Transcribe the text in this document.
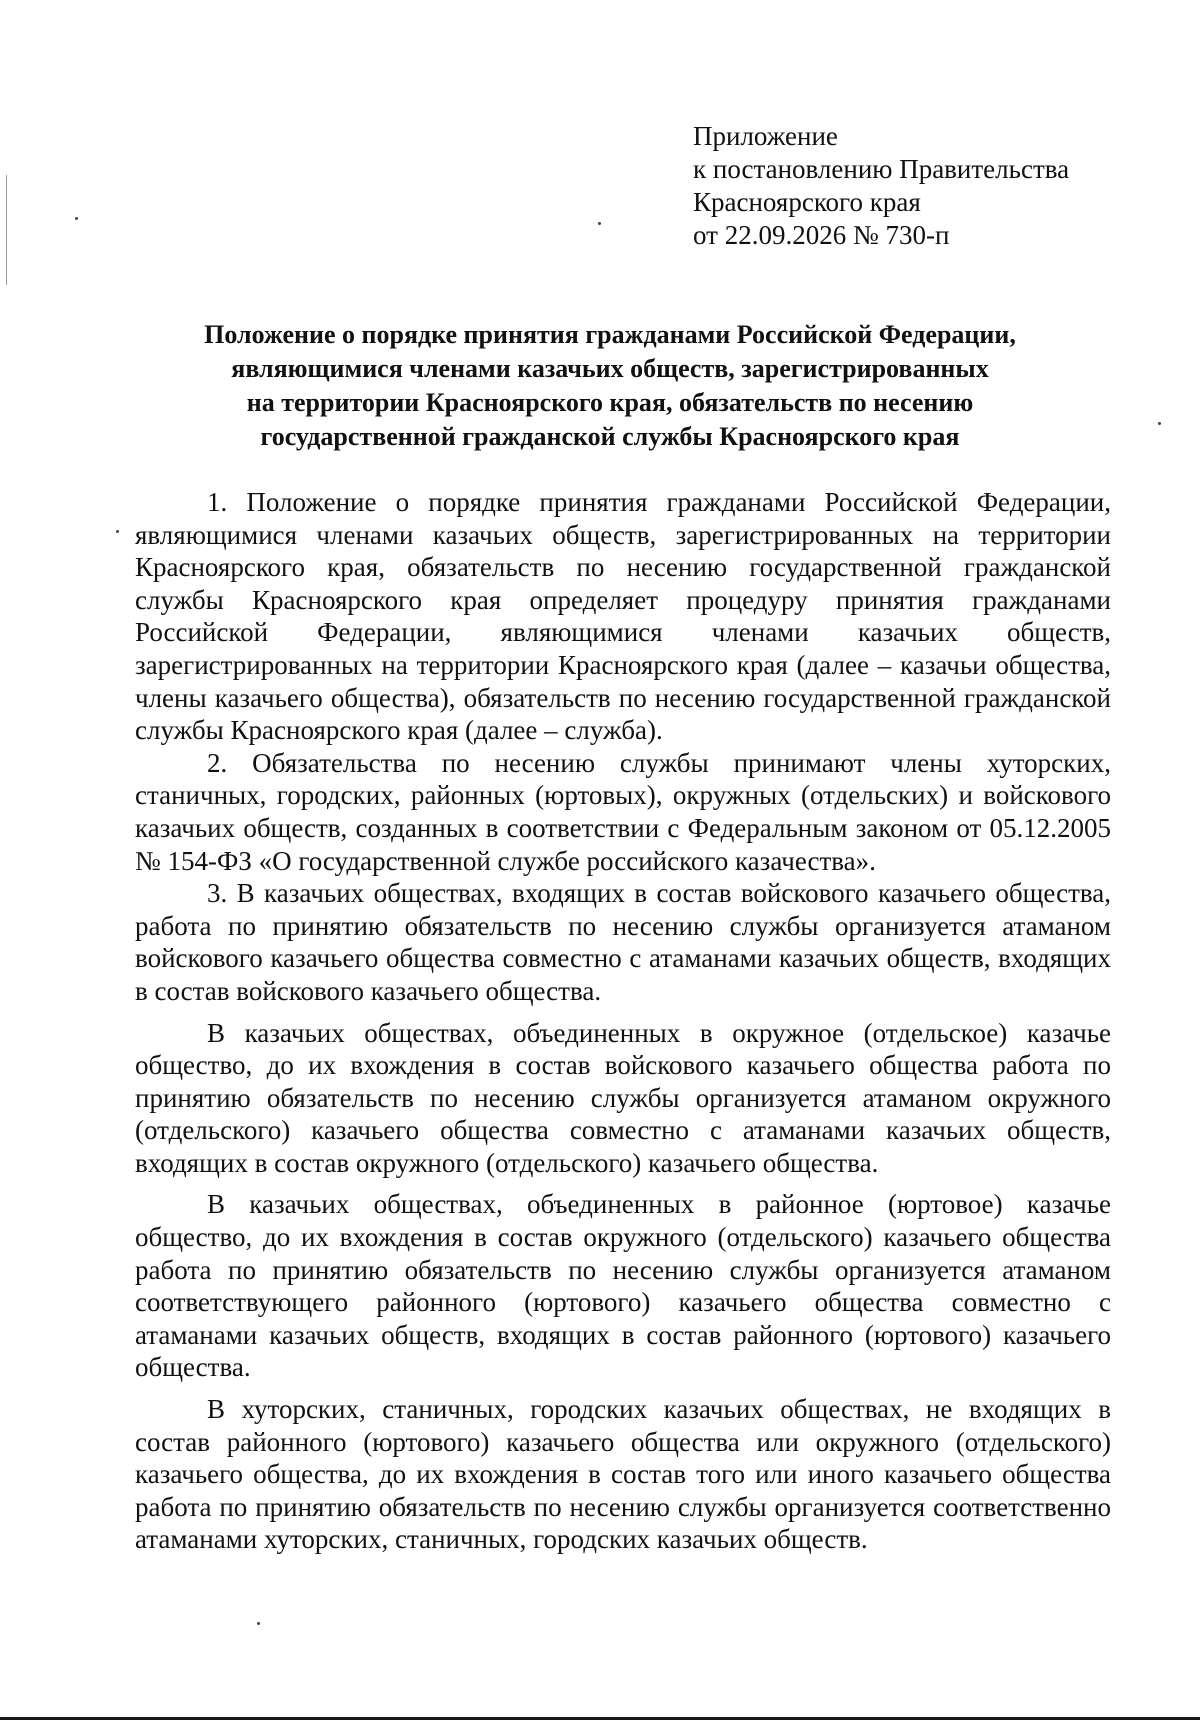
Приложение
к постановлению Правительства
Красноярского края
от 22.09.2026 № 730-п
Положение о порядке принятия гражданами Российской Федерации,
являющимися членами казачьих обществ, зарегистрированных
на территории Красноярского края, обязательств по несению
государственной гражданской службы Красноярского края

1. Положение о порядке принятия гражданами Российской Федерации, являющимися членами казачьих обществ, зарегистрированных на территории Красноярского края, обязательств по несению государственной гражданской службы Красноярского края определяет процедуру принятия гражданами Российской Федерации, являющимися членами казачьих обществ, зарегистрированных на территории Красноярского края (далее – казачьи общества, члены казачьего общества), обязательств по несению государственной гражданской службы Красноярского края (далее – служба).

2. Обязательства по несению службы принимают члены хуторских, станичных, городских, районных (юртовых), окружных (отдельских) и войскового казачьих обществ, созданных в соответствии с Федеральным законом от 05.12.2005 № 154-ФЗ «О государственной службе российского казачества».

3. В казачьих обществах, входящих в состав войскового казачьего общества, работа по принятию обязательств по несению службы организуется атаманом войскового казачьего общества совместно с атаманами казачьих обществ, входящих в состав войскового казачьего общества.

В казачьих обществах, объединенных в окружное (отдельское) казачье общество, до их вхождения в состав войскового казачьего общества работа по принятию обязательств по несению службы организуется атаманом окружного (отдельского) казачьего общества совместно с атаманами казачьих обществ, входящих в состав окружного (отдельского) казачьего общества.

В казачьих обществах, объединенных в районное (юртовое) казачье общество, до их вхождения в состав окружного (отдельского) казачьего общества работа по принятию обязательств по несению службы организуется атаманом соответствующего районного (юртового) казачьего общества совместно с атаманами казачьих обществ, входящих в состав районного (юртового) казачьего общества.

В хуторских, станичных, городских казачьих обществах, не входящих в состав районного (юртового) казачьего общества или окружного (отдельского) казачьего общества, до их вхождения в состав того или иного казачьего общества работа по принятию обязательств по несению службы организуется соответственно атаманами хуторских, станичных, городских казачьих обществ.
